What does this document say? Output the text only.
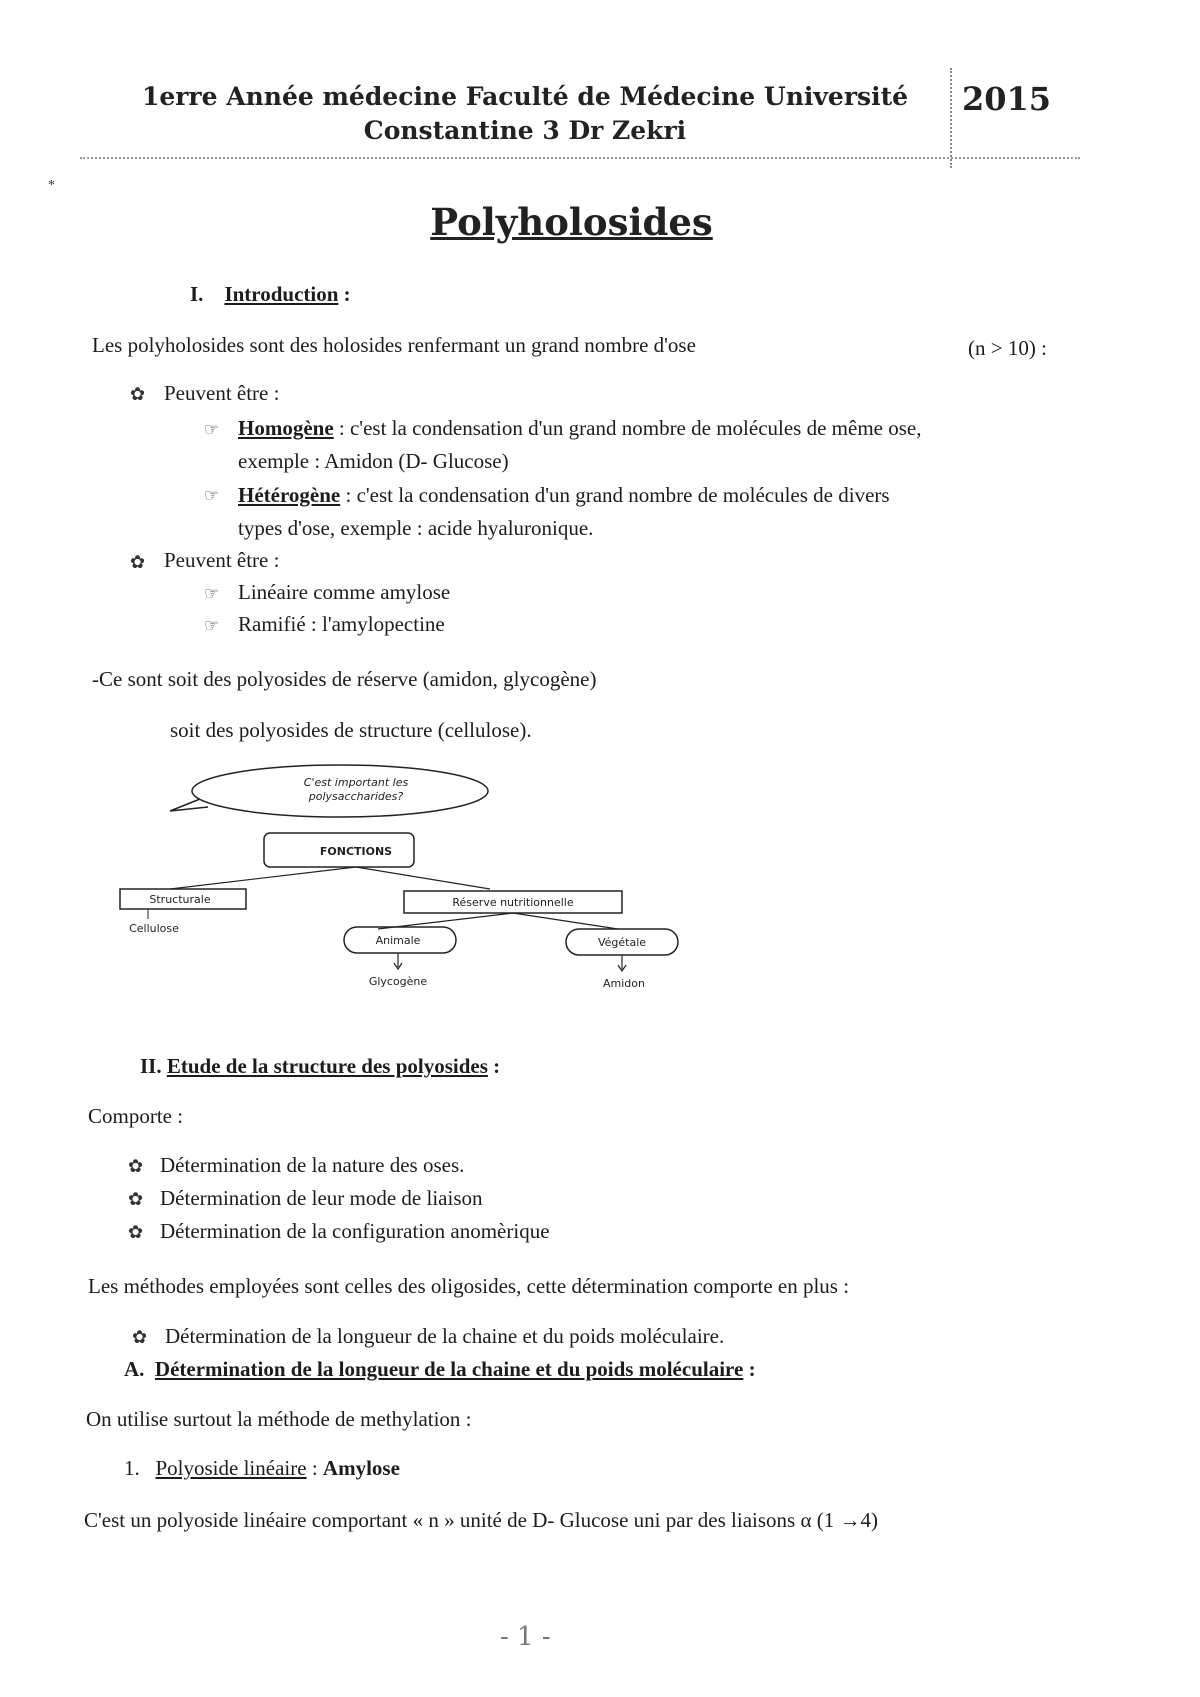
1erre Année médecine Faculté de Médecine Université Constantine 3 Dr Zekri
2015
*
Polyholosides
I. Introduction :
Les polyholosides sont des holosides renfermant un grand nombre d'ose	(n > 10) :
✿ Peuvent être :
☞ Homogène : c'est la condensation d'un grand nombre de molécules de même ose,
exemple : Amidon (D- Glucose)
☞ Hétérogène : c'est la condensation d'un grand nombre de molécules de divers
types d'ose, exemple : acide hyaluronique.
✿ Peuvent être :
☞ Linéaire comme amylose
☞ Ramifié : l'amylopectine
-Ce sont soit des polyosides de réserve (amidon, glycogène)
soit des polyosides de structure (cellulose).
C'est important les
polysaccharides?
FONCTIONS
Structurale
Cellulose
Réserve nutritionnelle
Animale
Glycogène
Végétale
Amidon
II. Etude de la structure des polyosides :
Comporte :
✿ Détermination de la nature des oses.
✿ Détermination de leur mode de liaison
✿ Détermination de la configuration anomèrique
Les méthodes employées sont celles des oligosides, cette détermination comporte en plus :
✿ Détermination de la longueur de la chaine et du poids moléculaire.
A. Détermination de la longueur de la chaine et du poids moléculaire :
On utilise surtout la méthode de methylation :
1. Polyoside linéaire : Amylose
C'est un polyoside linéaire comportant « n » unité de D- Glucose uni par des liaisons α (1 →4)
- 1 -
